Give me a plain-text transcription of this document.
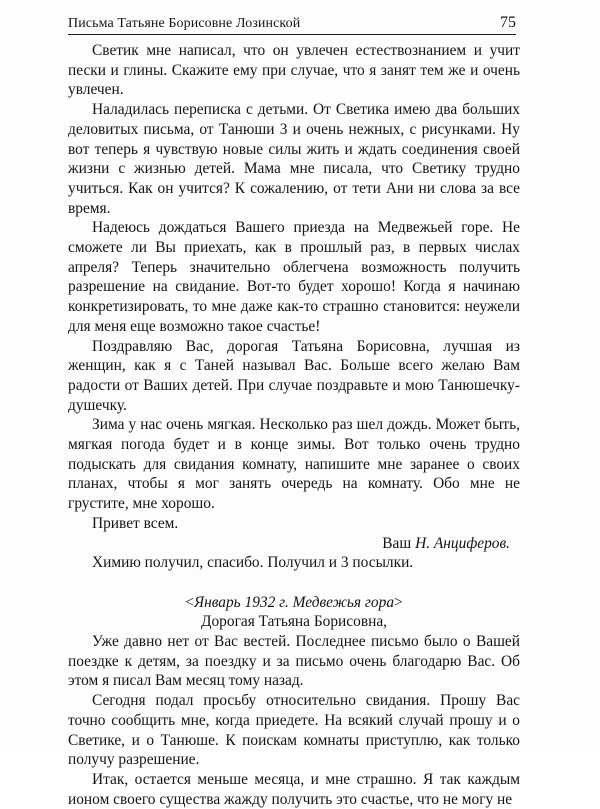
Письма Татьяне Борисовне Лозинской	75

Светик мне написал, что он увлечен естествознанием и учит пески и глины. Скажите ему при случае, что я занят тем же и очень увлечен.

Наладилась переписка с детьми. От Светика имею два больших деловитых письма, от Танюши 3 и очень нежных, с рисунками. Ну вот теперь я чувствую новые силы жить и ждать соединения своей жизни с жизнью детей. Мама мне писала, что Светику трудно учиться. Как он учится? К сожалению, от тети Ани ни слова за все время.

Надеюсь дождаться Вашего приезда на Медвежьей горе. Не сможете ли Вы приехать, как в прошлый раз, в первых числах апреля? Теперь значительно облегчена возможность получить разрешение на свидание. Вот-то будет хорошо! Когда я начинаю конкретизировать, то мне даже как-то страшно становится: неужели для меня еще возможно такое счастье!

Поздравляю Вас, дорогая Татьяна Борисовна, лучшая из женщин, как я с Таней называл Вас. Больше всего желаю Вам радости от Ваших детей. При случае поздравьте и мою Танюшечку-душечку.

Зима у нас очень мягкая. Несколько раз шел дождь. Может быть, мягкая погода будет и в конце зимы. Вот только очень трудно подыскать для свидания комнату, напишите мне заранее о своих планах, чтобы я мог занять очередь на комнату. Обо мне не грустите, мне хорошо.

Привет всем.

Ваш Н. Анциферов.

Химию получил, спасибо. Получил и 3 посылки.

<Январь 1932 г. Медвежья гора>

Дорогая Татьяна Борисовна,

Уже давно нет от Вас вестей. Последнее письмо было о Вашей поездке к детям, за поездку и за письмо очень благодарю Вас. Об этом я писал Вам месяц тому назад.

Сегодня подал просьбу относительно свидания. Прошу Вас точно сообщить мне, когда приедете. На всякий случай прошу и о Светике, и о Танюше. К поискам комнаты приступлю, как только получу разрешение.

Итак, остается меньше месяца, и мне страшно. Я так каждым ионом своего существа жажду получить это счастье, что не могу не
